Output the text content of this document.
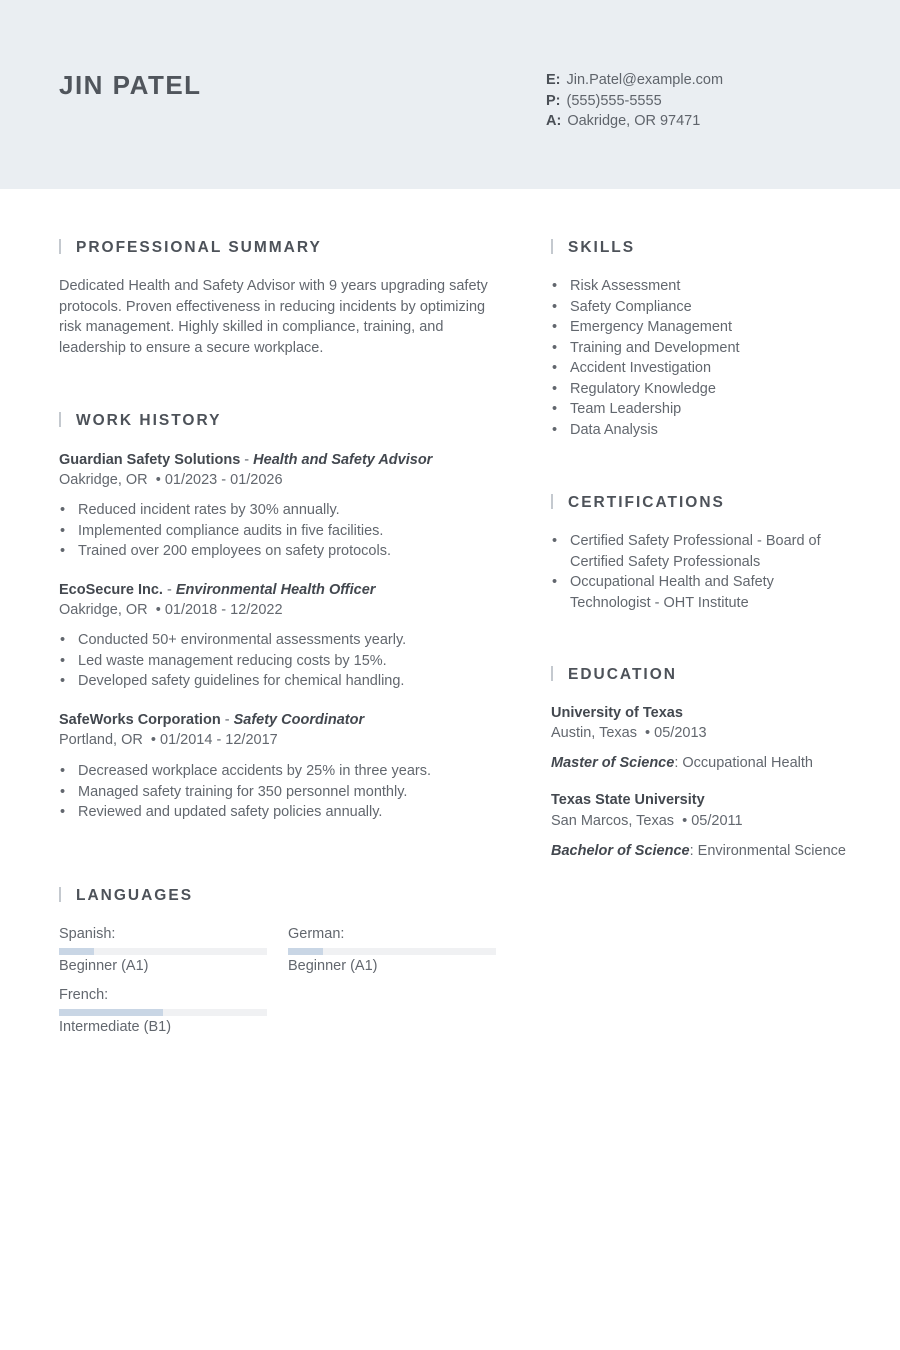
JIN PATEL	E: Jin.Patel@example.com
P: (555)555-5555
A: Oakridge, OR 97471
PROFESSIONAL SUMMARY
Dedicated Health and Safety Advisor with 9 years upgrading safety protocols. Proven effectiveness in reducing incidents by optimizing risk management. Highly skilled in compliance, training, and leadership to ensure a secure workplace.
WORK HISTORY
Guardian Safety Solutions - Health and Safety Advisor
Oakridge, OR  • 01/2023 - 01/2026
• Reduced incident rates by 30% annually.
• Implemented compliance audits in five facilities.
• Trained over 200 employees on safety protocols.
EcoSecure Inc. - Environmental Health Officer
Oakridge, OR  • 01/2018 - 12/2022
• Conducted 50+ environmental assessments yearly.
• Led waste management reducing costs by 15%.
• Developed safety guidelines for chemical handling.
SafeWorks Corporation - Safety Coordinator
Portland, OR  • 01/2014 - 12/2017
• Decreased workplace accidents by 25% in three years.
• Managed safety training for 350 personnel monthly.
• Reviewed and updated safety policies annually.
LANGUAGES
Spanish:
Beginner (A1)
German:
Beginner (A1)
French:
Intermediate (B1)
SKILLS
• Risk Assessment
• Safety Compliance
• Emergency Management
• Training and Development
• Accident Investigation
• Regulatory Knowledge
• Team Leadership
• Data Analysis
CERTIFICATIONS
• Certified Safety Professional - Board of Certified Safety Professionals
• Occupational Health and Safety Technologist - OHT Institute
EDUCATION
University of Texas
Austin, Texas  • 05/2013
Master of Science: Occupational Health
Texas State University
San Marcos, Texas  • 05/2011
Bachelor of Science: Environmental Science
